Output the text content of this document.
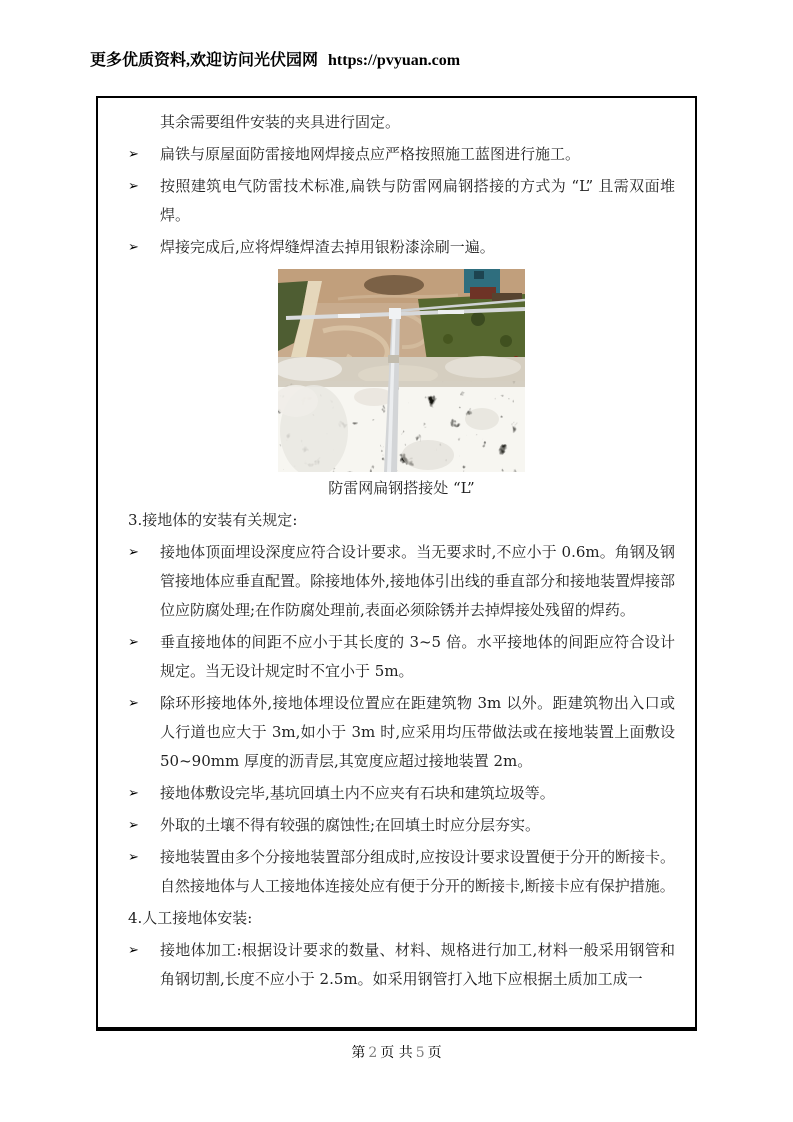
更多优质资料,欢迎访问光伏园网 https://pvyuan.com
其余需要组件安装的夹具进行固定。
➢	扁铁与原屋面防雷接地网焊接点应严格按照施工蓝图进行施工。
➢	按照建筑电气防雷技术标准,扁铁与防雷网扁钢搭接的方式为 “L” 且需双面堆焊。
➢	焊接完成后,应将焊缝焊渣去掉用银粉漆涂刷一遍。
防雷网扁钢搭接处 “L”
3.接地体的安装有关规定:
➢	接地体顶面埋设深度应符合设计要求。当无要求时,不应小于 0.6m。角钢及钢管接地体应垂直配置。除接地体外,接地体引出线的垂直部分和接地装置焊接部位应防腐处理;在作防腐处理前,表面必须除锈并去掉焊接处残留的焊药。
➢	垂直接地体的间距不应小于其长度的 3~5 倍。水平接地体的间距应符合设计规定。当无设计规定时不宜小于 5m。
➢	除环形接地体外,接地体埋设位置应在距建筑物 3m 以外。距建筑物出入口或人行道也应大于 3m,如小于 3m 时,应采用均压带做法或在接地装置上面敷设 50~90mm 厚度的沥青层,其宽度应超过接地装置 2m。
➢	接地体敷设完毕,基坑回填土内不应夹有石块和建筑垃圾等。
➢	外取的土壤不得有较强的腐蚀性;在回填土时应分层夯实。
➢	接地装置由多个分接地装置部分组成时,应按设计要求设置便于分开的断接卡。自然接地体与人工接地体连接处应有便于分开的断接卡,断接卡应有保护措施。
4.人工接地体安装:
➢	接地体加工:根据设计要求的数量、材料、规格进行加工,材料一般采用钢管和角钢切割,长度不应小于 2.5m。如采用钢管打入地下应根据土质加工成一
第 2 页 共 5 页
